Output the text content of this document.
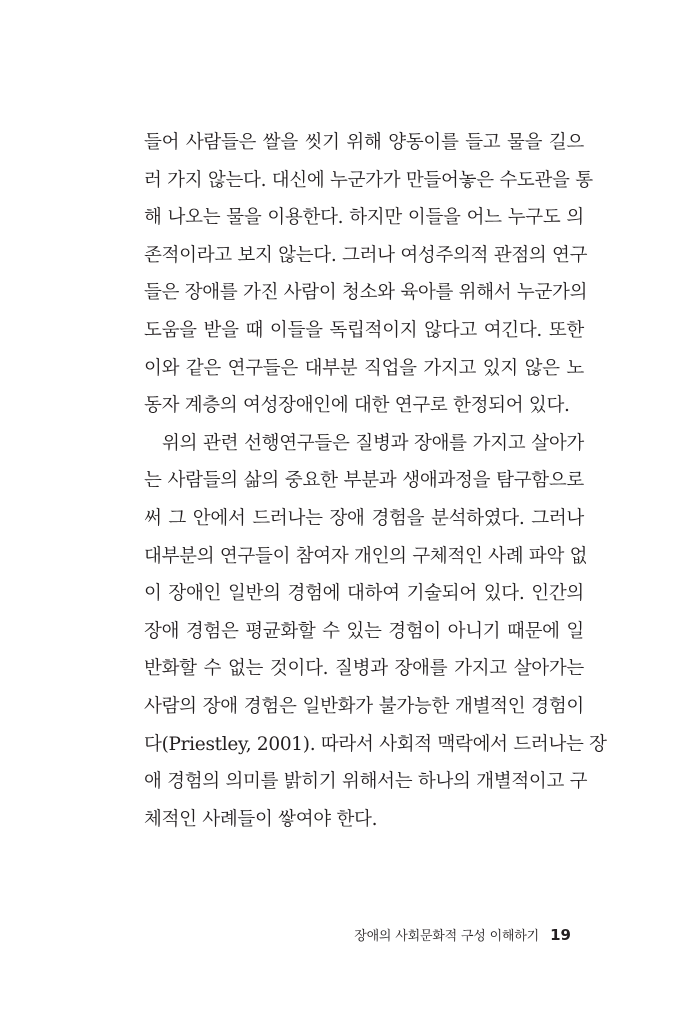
들어 사람들은 쌀을 씻기 위해 양동이를 들고 물을 길으
러 가지 않는다. 대신에 누군가가 만들어놓은 수도관을 통
해 나오는 물을 이용한다. 하지만 이들을 어느 누구도 의
존적이라고 보지 않는다. 그러나 여성주의적 관점의 연구
들은 장애를 가진 사람이 청소와 육아를 위해서 누군가의
도움을 받을 때 이들을 독립적이지 않다고 여긴다. 또한
이와 같은 연구들은 대부분 직업을 가지고 있지 않은 노
동자 계층의 여성장애인에 대한 연구로 한정되어 있다.
위의 관련 선행연구들은 질병과 장애를 가지고 살아가
는 사람들의 삶의 중요한 부분과 생애과정을 탐구함으로
써 그 안에서 드러나는 장애 경험을 분석하였다. 그러나
대부분의 연구들이 참여자 개인의 구체적인 사례 파악 없
이 장애인 일반의 경험에 대하여 기술되어 있다. 인간의
장애 경험은 평균화할 수 있는 경험이 아니기 때문에 일
반화할 수 없는 것이다. 질병과 장애를 가지고 살아가는
사람의 장애 경험은 일반화가 불가능한 개별적인 경험이
다(Priestley, 2001). 따라서 사회적 맥락에서 드러나는 장
애 경험의 의미를 밝히기 위해서는 하나의 개별적이고 구
체적인 사례들이 쌓여야 한다.
장애의 사회문화적 구성 이해하기 19
